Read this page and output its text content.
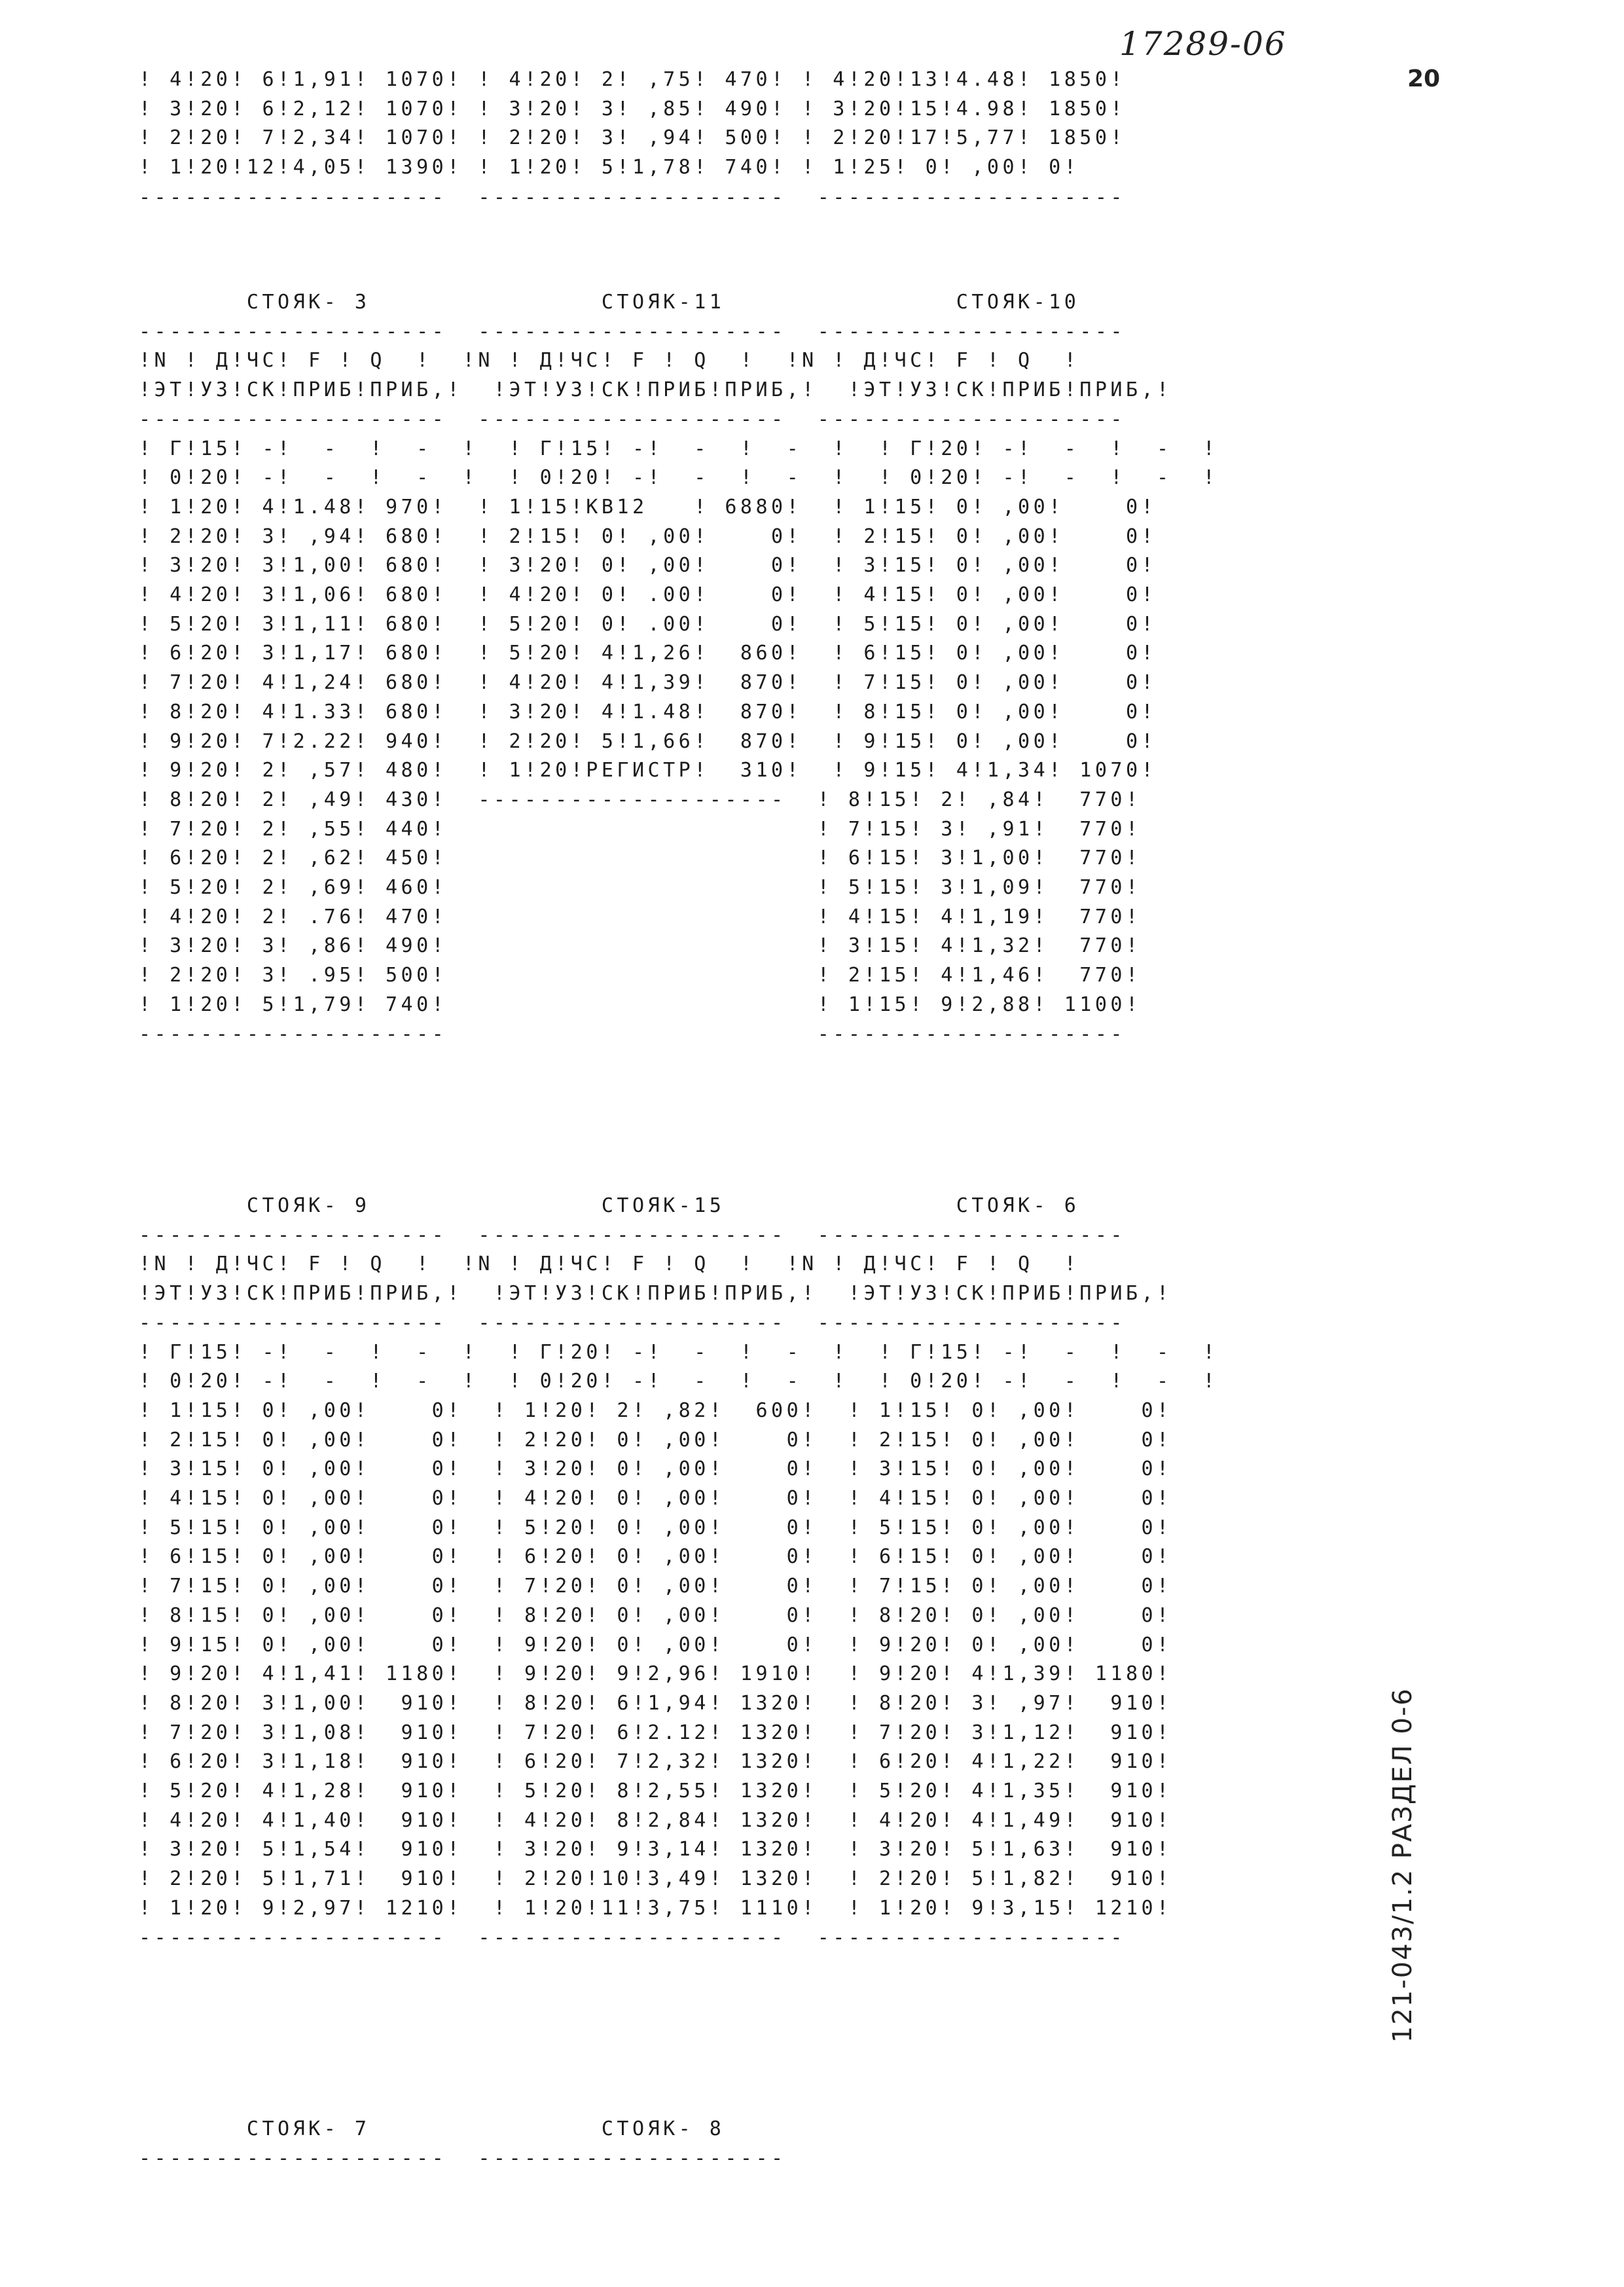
17289-06
20
121-043/1.2 РАЗДЕЛ 0-6
! 4!20! 6!1,91! 1070! ! 4!20! 2! ,75! 470! ! 4!20!13!4.48! 1850!
! 3!20! 6!2,12! 1070! ! 3!20! 3! ,85! 490! ! 3!20!15!4.98! 1850!
! 2!20! 7!2,34! 1070! ! 2!20! 3! ,94! 500! ! 2!20!17!5,77! 1850!
! 1!20!12!4,05! 1390! ! 1!20! 5!1,78! 740! ! 1!25! 0! ,00! 0!
--------------------  --------------------  --------------------
СТОЯК- 3               СТОЯК-11               СТОЯК-10
--------------------  --------------------  --------------------
!N ! Д!ЧС! F ! Q  !  !N ! Д!ЧС! F ! Q  !  !N ! Д!ЧС! F ! Q  !
!ЭТ!УЗ!СК!ПРИБ!ПРИБ,!  !ЭТ!УЗ!СК!ПРИБ!ПРИБ,!  !ЭТ!УЗ!СК!ПРИБ!ПРИБ,!
--------------------  --------------------  --------------------
! Г!15! -!  -  !  -  !  ! Г!15! -!  -  !  -  !  ! Г!20! -!  -  !  -  !
! 0!20! -!  -  !  -  !  ! 0!20! -!  -  !  -  !  ! 0!20! -!  -  !  -  !
! 1!20! 4!1.48! 970!  ! 1!15!КВ12   ! 6880!  ! 1!15! 0! ,00!    0!
! 2!20! 3! ,94! 680!  ! 2!15! 0! ,00!    0!  ! 2!15! 0! ,00!    0!
! 3!20! 3!1,00! 680!  ! 3!20! 0! ,00!    0!  ! 3!15! 0! ,00!    0!
! 4!20! 3!1,06! 680!  ! 4!20! 0! .00!    0!  ! 4!15! 0! ,00!    0!
! 5!20! 3!1,11! 680!  ! 5!20! 0! .00!    0!  ! 5!15! 0! ,00!    0!
! 6!20! 3!1,17! 680!  ! 5!20! 4!1,26!  860!  ! 6!15! 0! ,00!    0!
! 7!20! 4!1,24! 680!  ! 4!20! 4!1,39!  870!  ! 7!15! 0! ,00!    0!
! 8!20! 4!1.33! 680!  ! 3!20! 4!1.48!  870!  ! 8!15! 0! ,00!    0!
! 9!20! 7!2.22! 940!  ! 2!20! 5!1,66!  870!  ! 9!15! 0! ,00!    0!
! 9!20! 2! ,57! 480!  ! 1!20!РЕГИСТР!  310!  ! 9!15! 4!1,34! 1070!
! 8!20! 2! ,49! 430!  --------------------  ! 8!15! 2! ,84!  770!
! 7!20! 2! ,55! 440!                        ! 7!15! 3! ,91!  770!
! 6!20! 2! ,62! 450!                        ! 6!15! 3!1,00!  770!
! 5!20! 2! ,69! 460!                        ! 5!15! 3!1,09!  770!
! 4!20! 2! .76! 470!                        ! 4!15! 4!1,19!  770!
! 3!20! 3! ,86! 490!                        ! 3!15! 4!1,32!  770!
! 2!20! 3! .95! 500!                        ! 2!15! 4!1,46!  770!
! 1!20! 5!1,79! 740!                        ! 1!15! 9!2,88! 1100!
--------------------                        --------------------
СТОЯК- 9               СТОЯК-15               СТОЯК- 6
--------------------  --------------------  --------------------
!N ! Д!ЧС! F ! Q  !  !N ! Д!ЧС! F ! Q  !  !N ! Д!ЧС! F ! Q  !
!ЭТ!УЗ!СК!ПРИБ!ПРИБ,!  !ЭТ!УЗ!СК!ПРИБ!ПРИБ,!  !ЭТ!УЗ!СК!ПРИБ!ПРИБ,!
--------------------  --------------------  --------------------
! Г!15! -!  -  !  -  !  ! Г!20! -!  -  !  -  !  ! Г!15! -!  -  !  -  !
! 0!20! -!  -  !  -  !  ! 0!20! -!  -  !  -  !  ! 0!20! -!  -  !  -  !
! 1!15! 0! ,00!    0!  ! 1!20! 2! ,82!  600!  ! 1!15! 0! ,00!    0!
! 2!15! 0! ,00!    0!  ! 2!20! 0! ,00!    0!  ! 2!15! 0! ,00!    0!
! 3!15! 0! ,00!    0!  ! 3!20! 0! ,00!    0!  ! 3!15! 0! ,00!    0!
! 4!15! 0! ,00!    0!  ! 4!20! 0! ,00!    0!  ! 4!15! 0! ,00!    0!
! 5!15! 0! ,00!    0!  ! 5!20! 0! ,00!    0!  ! 5!15! 0! ,00!    0!
! 6!15! 0! ,00!    0!  ! 6!20! 0! ,00!    0!  ! 6!15! 0! ,00!    0!
! 7!15! 0! ,00!    0!  ! 7!20! 0! ,00!    0!  ! 7!15! 0! ,00!    0!
! 8!15! 0! ,00!    0!  ! 8!20! 0! ,00!    0!  ! 8!20! 0! ,00!    0!
! 9!15! 0! ,00!    0!  ! 9!20! 0! ,00!    0!  ! 9!20! 0! ,00!    0!
! 9!20! 4!1,41! 1180!  ! 9!20! 9!2,96! 1910!  ! 9!20! 4!1,39! 1180!
! 8!20! 3!1,00!  910!  ! 8!20! 6!1,94! 1320!  ! 8!20! 3! ,97!  910!
! 7!20! 3!1,08!  910!  ! 7!20! 6!2.12! 1320!  ! 7!20! 3!1,12!  910!
! 6!20! 3!1,18!  910!  ! 6!20! 7!2,32! 1320!  ! 6!20! 4!1,22!  910!
! 5!20! 4!1,28!  910!  ! 5!20! 8!2,55! 1320!  ! 5!20! 4!1,35!  910!
! 4!20! 4!1,40!  910!  ! 4!20! 8!2,84! 1320!  ! 4!20! 4!1,49!  910!
! 3!20! 5!1,54!  910!  ! 3!20! 9!3,14! 1320!  ! 3!20! 5!1,63!  910!
! 2!20! 5!1,71!  910!  ! 2!20!10!3,49! 1320!  ! 2!20! 5!1,82!  910!
! 1!20! 9!2,97! 1210!  ! 1!20!11!3,75! 1110!  ! 1!20! 9!3,15! 1210!
--------------------  --------------------  --------------------
СТОЯК- 7               СТОЯК- 8
--------------------  --------------------
